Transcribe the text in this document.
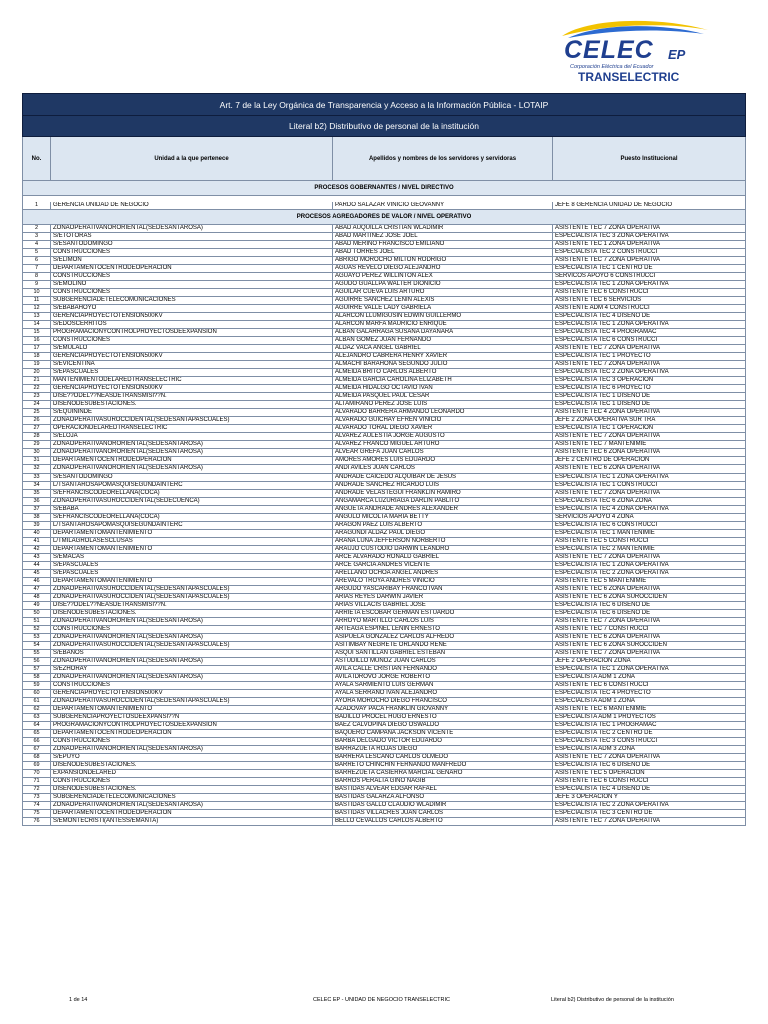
CELEC EP
Corporación Eléctrica del Ecuador
TRANSELECTRIC
Art. 7 de la Ley Orgánica de Transparencia y Acceso a la Información Pública - LOTAIP
Literal b2) Distributivo de personal de la institución
No.	Unidad a la que pertenece	Apellidos y nombres de los servidores y servidoras	Puesto Institucional
PROCESOS GOBERNANTES / NIVEL DIRECTIVO
1	GERENCIA UNIDAD DE NEGOCIO	PARDO SALAZAR VINICIO GEOVANNY	JEFE 8 GERENCIA UNIDAD DE NEGOCIO
PROCESOS AGREGADORES DE VALOR / NIVEL OPERATIVO
2	ZONAOPERATIVANORORIENTAL(SEDESANTAROSA)	ABAD AUQUILLA CRISTIAN WLADIMIR	ASISTENTE TEC 7 ZONA OPERATIVA
3	S/ETOTORAS	ABAD MARTINEZ JOSE JOEL	ESPECIALISTA TEC 3 ZONA OPERATIVA
4	S/ESANTODOMINGO	ABAD MERINO FRANCISCO EMILIANO	ASISTENTE TEC 1 ZONA OPERATIVA
5	CONSTRUCCIONES	ABAD TORRES JOEL	ESPECIALISTA TEC 2 CONSTRUCCI
6	S/ELIMON	ABRIGO MOROCHO MILTON RODRIGO	ASISTENTE TEC 7 ZONA OPERATIVA
7	DEPARTAMENTOCENTRODEOPERACIÓN	AGUAS REVELO DIEGO ALEJANDRO	ESPECIALISTA TEC 1 CENTRO DE
8	CONSTRUCCIONES	AGUAYO PEREZ WILLINTON ALEX	SERVICOS APOYO 6 CONSTRUCCI
9	S/EMOLINO	AGUDO GUALLPA WALTER DIONICIO	ESPECIALISTA TEC 1 ZONA OPERATIVA
10	CONSTRUCCIONES	AGUILAR CUEVA LUIS ARTURO	ASISTENTE TEC 6 CONSTRUCCI
11	SUBGERENCIADETELECOMUNICACIONES	AGUIRRE SANCHEZ LENIN ALEXIS	ASISTENTE TEC 6 SERVICIOS
12	S/EBABAHOYO	AGUIRRE VALLE LADY GABRIELA	ASISTENTE ADM 4 CONSTRUCCI
13	GERENCIAPROYECTOTENSIÓN500KV	ALARCON LLUMIGUSIN EDWIN GUILLERMO	ESPECIALISTA TEC 4 DISEÑO DE
14	S/EDOSCERRITOS	ALARCON MARFA MAURICIO ENRIQUE	ESPECIALISTA TEC 1 ZONA OPERATIVA
15	PROGRAMACIÓNYCONTROLPROYECTOSDEEXPANSIÓN	ALBAN GALARRAGA SUSANA DAYANARA	ESPECIALISTA TEC 4 PROGRAMAC
16	CONSTRUCCIONES	ALBAN GOMEZ JUAN FERNANDO	ESPECIALISTA TEC 6 CONSTRUCCI
17	S/EMULALO	ALDAZ VACA ANGEL GABRIEL	ASISTENTE TEC 7 ZONA OPERATIVA
18	GERENCIAPROYECTOTENSIÓN500KV	ALEJANDRO CABRERA HENRY XAVIER	ESPECIALISTA TEC 1 PROYECTO
19	S/EVICENTINA	ALMACHI BARAHONA SEGUNDO JULIO	ASISTENTE TEC 7 ZONA OPERATIVA
20	S/EPASCUALES	ALMEIDA BRITO CARLOS ALBERTO	ESPECIALISTA TEC 2 ZONA OPERATIVA
21	MANTENIMIENTODELAREDTRANSELECTRIC	ALMEIDA GARCIA CAROLINA ELIZABETH	ESPECIALISTA TEC 3 OPERACION
22	GERENCIAPROYECTOTENSIÓN500KV	ALMEIDA HIDALGO OCTAVIO IVAN	ESPECIALISTA TEC 6 PROYECTO
23	DISE??ODEL??NEASDETRANSMISI??N.	ALMEIDA PASQUEL PAUL CESAR	ESPECIALISTA TEC 1 DISEÑO DE
24	DISENODESUBESTACIONES.	ALTAMIRANO PEREZ JOSE LUIS	ESPECIALISTA TEC 1 DISEÑO DE
25	S/EQUININDÉ	ALVARADO BARRERA ARMANDO LEONARDO	ASISTENTE TEC 4 ZONA OPERATIVA
26	ZONAOPERATIVASUROCCIDENTAL(SEDESANTAPASCUALES)	ALVARADO GUICHAY EFREN VINICIO	JEFE 2 ZONA OPERATIVA SUR TRA
27	OPERACIÓNDELAREDTRANSELECTRIC	ALVARADO TORAL DIEGO XAVIER	ESPECIALISTA TEC 1 OPERACIÓN
28	S/ELOJA	ALVAREZ AULESTIA JORGE AUGUSTO	ASISTENTE TEC 7 ZONA OPERATIVA
29	ZONAOPERATIVANORORIENTAL(SEDESANTAROSA)	ALVAREZ FRANCO MIGUEL ARTURO	ASISTENTE TEC 7 MANTENIMIE
30	ZONAOPERATIVANORORIENTAL(SEDESANTAROSA)	ALVEAR GREFA JUAN CARLOS	ASISTENTE TEC 6 ZONA OPERATIVA
31	DEPARTAMENTOCENTRODEOPERACIÓN	AMORES AMORES LUIS EDUARDO	JEFE 2 CENTRO DE OPERACIÓN
32	ZONAOPERATIVANORORIENTAL(SEDESANTAROSA)	ANDI AVILES JUAN CARLOS	ASISTENTE TEC 6 ZONA OPERATIVA
33	S/ESANTODOMINGO	ANDRADE CAICEDO ALQUIBAR DE JESUS	ESPECIALISTA TEC 1 ZONA OPERATIVA
34	L/TSANTAROSAPOMASQUISEGUNDAINTERC	ANDRADE SANCHEZ RICARDO LUIS	ESPECIALISTA TEC 1 CONSTRUCCI
35	S/EFRANCISCODEORELLANA(COCA)	ANDRADE VELASTEGUI FRANKLIN RAMIRO	ASISTENTE TEC 7 ZONA OPERATIVA
36	ZONAOPERATIVASUROCCIDENTAL(SEDECUENCA)	ANGAMARCA LUZURIAGA DARLIN PABLITO	ESPECIALISTA TEC 6 ZONA ZONA
37	S/EBABA	ANGUETA ANDRADE ANDRES ALEXANDER	ESPECIALISTA TEC 4 ZONA OPERATIVA
38	S/EFRANCISCODEORELLANA(COCA)	ANGULO MICOLTA MARIA BETTY	SERVICIOS APOYO 4 ZONA
39	L/TSANTAROSAPOMASQUISEGUNDAINTERC	ARAGON PAEZ LUIS ALBERTO	ESPECIALISTA TEC 6 CONSTRUCCI
40	DEPARTAMENTOMANTENIMIENTO	ARAGUNDI ALDAZ PAUL DIEGO	ESPECIALISTA TEC 1 MANTENIMIE
41	L/TMILAGROLASESCLUSAS	ARANA LUNA JEFFERSON NORBERTO	ASISTENTE TEC 5 CONSTRUCCI
42	DEPARTAMENTOMANTENIMIENTO	ARAUJO CUSTODIO DARWIN LEANDRO	ESPECIALISTA TEC 2 MANTENIMIE
43	S/EMACAS	ARCE ALVARADO RONALD GABRIEL	ASISTENTE TEC 7 ZONA OPERATIVA
44	S/EPASCUALES	ARCE GARCIA ANDRES VICENTE	ESPECIALISTA TEC 1 ZONA OPERATIVA
45	S/EPASCUALES	ARELLANO OCHOA ANGEL ANDRES	ESPECIALISTA TEC 2 ZONA OPERATIVA
46	DEPARTAMENTOMANTENIMIENTO	AREVALO TROYA ANDRES VINICIO	ASISTENTE TEC 5 MANTENIMIE
47	ZONAOPERATIVASUROCCIDENTAL(SEDESANTAPASCUALES)	ARGUDO YASCARIBAY FRANCO IVAN	ASISTENTE TEC 6 ZONA OPERATIVA
48	ZONAOPERATIVASUROCCIDENTAL(SEDESANTAPASCUALES)	ARIAS REYES DARWIN JAVIER	ASISTENTE TEC 6 ZONA SUROCCIDEN
49	DISE??ODEL??NEASDETRANSMISI??N.	ARIAS VILLACIS GABRIEL JOSE	ESPECIALISTA TEC 6 DISEÑO DE
50	DISENODESUBESTACIONES.	ARRIETA ESCOBAR GERMAN ESTUARDO	ESPECIALISTA TEC 6 DISEÑO DE
51	ZONAOPERATIVANORORIENTAL(SEDESANTAROSA)	ARROYO MARTILLO CARLOS LUIS	ASISTENTE TEC 7 ZONA OPERATIVA
52	CONSTRUCCIONES	ARTEAGA ESPINEL LENIN ERNESTO	ASISTENTE TEC 7 CONSTRUCCI
53	ZONAOPERATIVANORORIENTAL(SEDESANTAROSA)	ASIPUELA GONZALEZ CARLOS ALFREDO	ASISTENTE TEC 6 ZONA OPERATIVA
54	ZONAOPERATIVASUROCCIDENTAL(SEDESANTAPASCUALES)	ASITIMBAY NEGRETE ORLANDO RENE	ASISTENTE TEC 6 ZONA SUROCCIDEN
55	S/EBAÑOS	ASQUI SANTILLAN GABRIEL ESTEBAN	ASISTENTE TEC 7 ZONA OPERATIVA
56	ZONAOPERATIVANORORIENTAL(SEDESANTAROSA)	ASTUDILLO MUÑOZ JUAN CARLOS	JEFE 2 OPERACION ZONA
57	S/EZHORAY	AVILA CALLE CRISTIAN FERNANDO	ESPECIALISTA TEC 1 ZONA OPERATIVA
58	ZONAOPERATIVANORORIENTAL(SEDESANTAROSA)	AVILA IDROVO JORGE ROBERTO	ESPECIALISTA ADM 1 ZONA
59	CONSTRUCCIONES	AYALA SARMIENTO LUIS GERMAN	ASISTENTE TEC 6 CONSTRUCCI
60	GERENCIAPROYECTOTENSIÓN500KV	AYALA SERRANO IVAN ALEJANDRO	ESPECIALISTA TEC 4 PROYECTO
61	ZONAOPERATIVASUROCCIDENTAL(SEDESANTAPASCUALES)	AYORA MOROCHO DIEGO FRANCISCO	ESPECIALISTA ADM 1 ZONA
62	DEPARTAMENTOMANTENIMIENTO	AZADOVAY PACA FRANKLIN GIOVANNY	ASISTENTE TEC 6 MANTENIMIE
63	SUBGERENCIAPROYECTOSDEEXPANSI??N	BADILLO PROCEL HUGO ERNESTO	ESPECIALISTA ADM 1 PROYECTOS
64	PROGRAMACIÓNYCONTROLPROYECTOSDEEXPANSIÓN	BAEZ CALVOPIÑA DIEGO OSWALDO	ESPECIALISTA TEC 1 PROGRAMAC
65	DEPARTAMENTOCENTRODEOPERACIÓN	BAQUERO CAMPAÑA JACKSON VICENTE	ESPECIALISTA TEC 2 CENTRO DE
66	CONSTRUCCIONES	BARBA DELGADO VICTOR EDUARDO	ESPECIALISTA TEC 3 CONSTRUCCI
67	ZONAOPERATIVANORORIENTAL(SEDESANTAROSA)	BARRAZUETA ROJAS DIEGO	ESPECIALISTA ADM 3 ZONA
68	S/EPUYO	BARRERA LESCANO CARLOS OLMEDO	ASISTENTE TEC 7 ZONA OPERATIVA
69	DISENODESUBESTACIONES.	BARRETO CHINCHIN FERNANDO MANFREDO	ESPECIALISTA TEC 6 DISEÑO DE
70	EXPANSIÓNDELARED	BARREZUETA CASIERRA MARCIAL GENARO	ASISTENTE TEC 5 OPERACIÓN
71	CONSTRUCCIONES	BARROS PERALTA GINO NAGIB	ASISTENTE TEC 6 CONSTRUCCI
72	DISENODESUBESTACIONES.	BASTIDAS ALVEAR EDGAR RAFAEL	ESPECIALISTA TEC 4 DISEÑO DE
73	SUBGERENCIADETELECOMUNICACIONES	BASTIDAS GALARZA ALFONSO	JEFE 3 OPERACION Y
74	ZONAOPERATIVANORORIENTAL(SEDESANTAROSA)	BASTIDAS GALLO CLAUDIO WLADIMIR	ESPECIALISTA TEC 2 ZONA OPERATIVA
75	DEPARTAMENTOCENTRODEOPERACIÓN	BASTIDAS VILLACRES JUAN CARLOS	ESPECIALISTA TEC 3 CENTRO DE
76	S/EMONTECRISTI(ANTESS/EMANTA)	BELLO CEVALLOS CARLOS ALBERTO	ASISTENTE TEC 7 ZONA OPERATIVA
1 de 14	CELEC EP - UNIDAD DE NEGOCIO TRANSELECTRIC	Literal b2) Distributivo de personal de la institución
